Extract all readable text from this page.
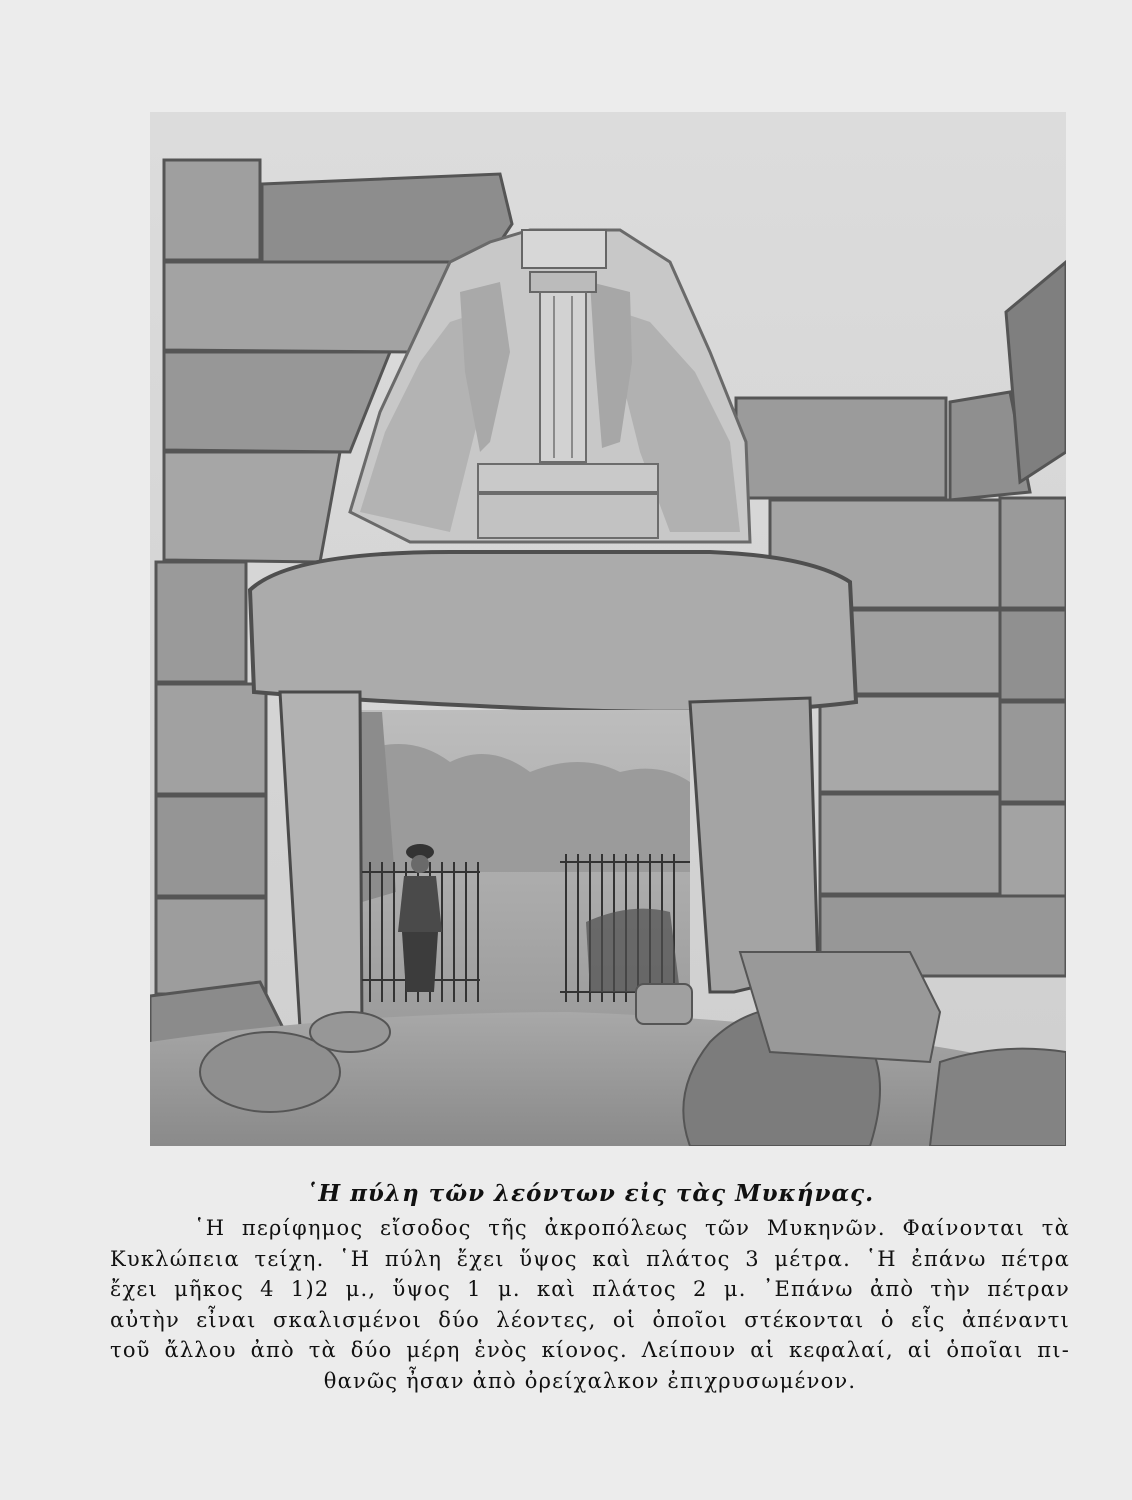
῾Η πύλη τῶν λεόντων εἰς τὰς Μυκήνας.
῾Η περίφημος εἴσοδος τῆς ἀκροπόλεως τῶν Μυκηνῶν. Φαίνονται τὰ
Κυκλώπεια τείχη. ῾Η πύλη ἔχει ὕψος καὶ πλάτος 3 μέτρα. ῾Η ἐπάνω πέτρα
ἔχει μῆκος 4 1)2 μ., ὕψος 1 μ. καὶ πλάτος 2 μ. ᾿Επάνω ἀπὸ τὴν πέτραν
αὐτὴν εἶναι σκαλισμένοι δύο λέοντες, οἱ ὁποῖοι στέκονται ὁ εἷς ἀπέναντι
τοῦ ἄλλου ἀπὸ τὰ δύο μέρη ἑνὸς κίονος. Λείπουν αἱ κεφαλαί, αἱ ὁποῖαι πι-
θανῶς ἦσαν ἀπὸ ὀρείχαλκον ἐπιχρυσωμένον.
